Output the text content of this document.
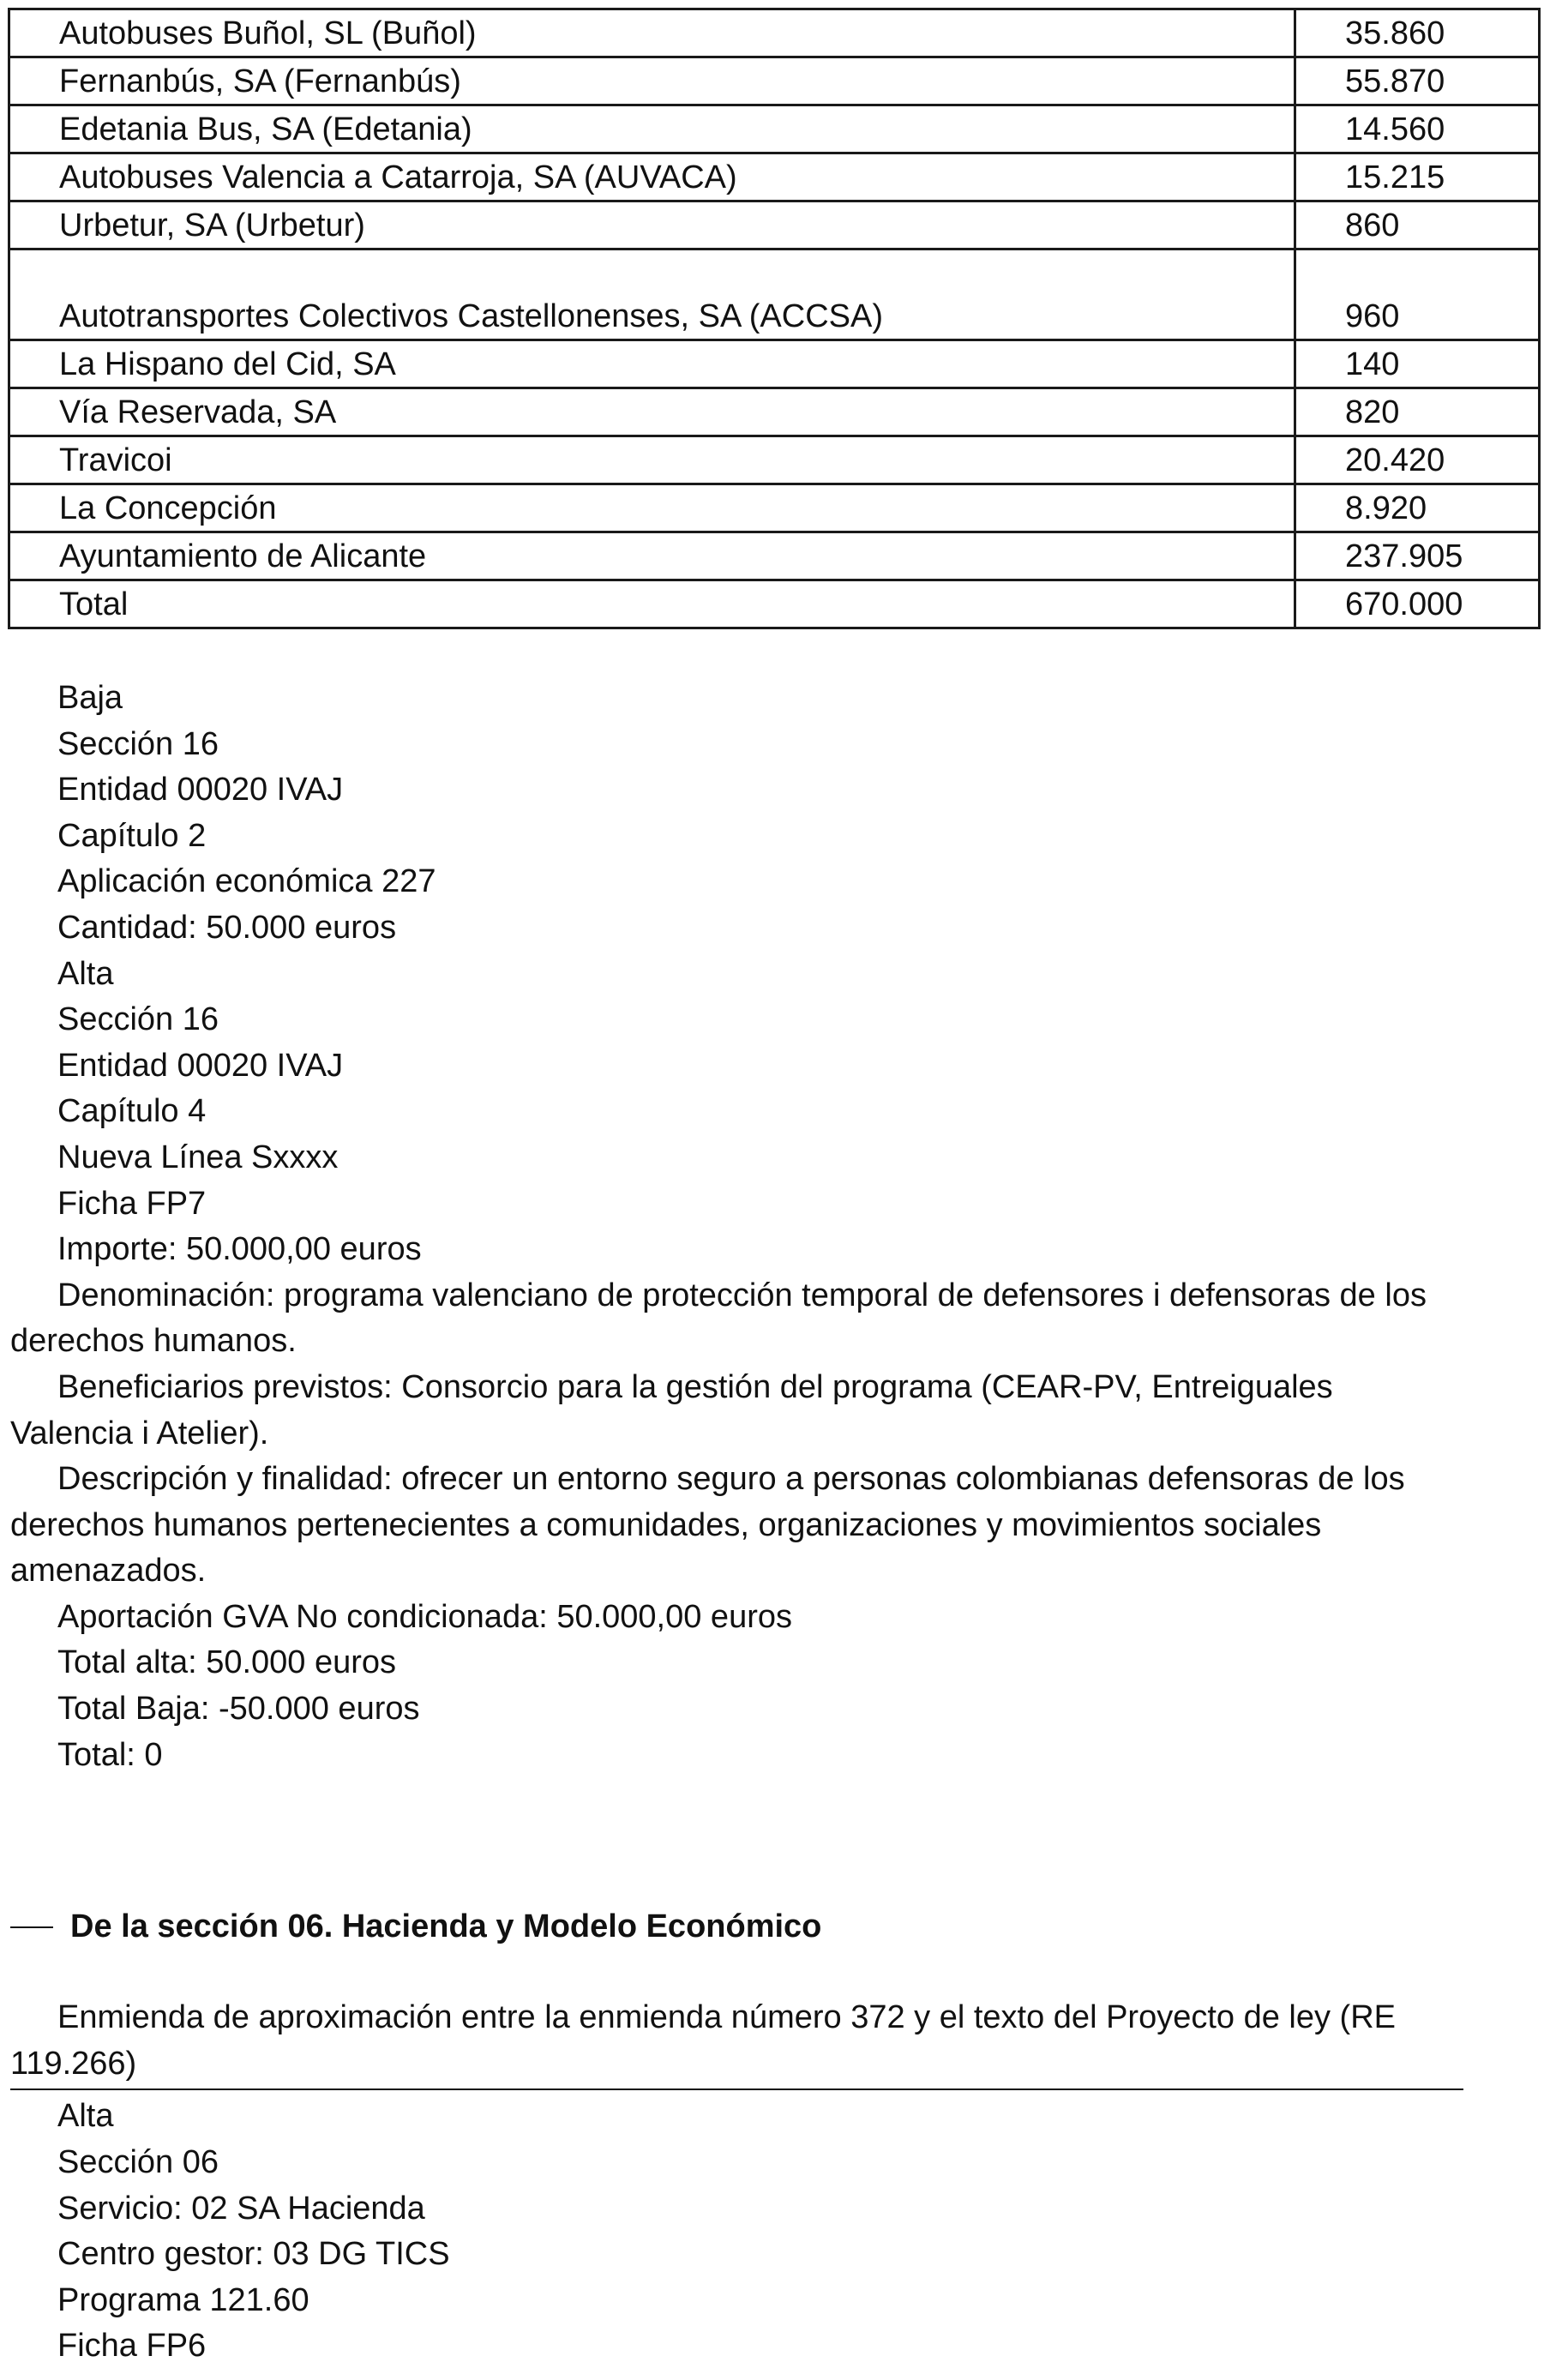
Autobuses Buñol, SL (Buñol)	35.860
Fernanbús, SA (Fernanbús)	55.870
Edetania Bus, SA (Edetania)	14.560
Autobuses Valencia a Catarroja, SA (AUVACA)	15.215
Urbetur, SA (Urbetur)	860
Autotransportes Colectivos Castellonenses, SA (ACCSA)	960
La Hispano del Cid, SA	140
Vía Reservada, SA	820
Travicoi	20.420
La Concepción	8.920
Ayuntamiento de Alicante	237.905
Total	670.000

Baja

Sección 16

Entidad 00020 IVAJ

Capítulo 2

Aplicación económica 227

Cantidad: 50.000 euros

Alta

Sección 16

Entidad 00020 IVAJ

Capítulo 4

Nueva Línea Sxxxx

Ficha FP7

Importe: 50.000,00 euros

Denominación: programa valenciano de protección temporal de defensores i defensoras de los derechos humanos.

Beneficiarios previstos: Consorcio para la gestión del programa (CEAR-PV, Entreiguales Valencia i Atelier).

Descripción y finalidad: ofrecer un entorno seguro a personas colombianas defensoras de los derechos humanos pertenecientes a comunidades, organizaciones y movimientos sociales amenazados.

Aportación GVA No condicionada: 50.000,00 euros

Total alta: 50.000 euros

Total Baja: -50.000 euros

Total: 0

De la sección 06. Hacienda y Modelo Económico

Enmienda de aproximación entre la enmienda número 372 y el texto del Proyecto de ley (RE 119.266)

Alta

Sección 06

Servicio: 02 SA Hacienda

Centro gestor: 03 DG TICS

Programa 121.60

Ficha FP6
